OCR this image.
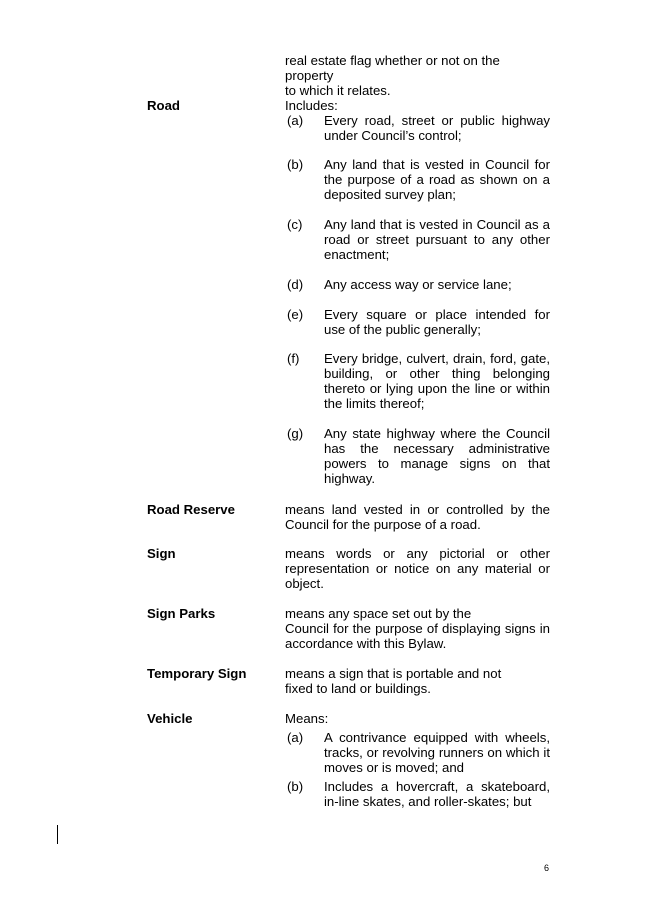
real estate flag whether or not on the property
to which it relates.
Road	Includes:
(a) Every road, street or public highway under Council’s control;
(b) Any land that is vested in Council for the purpose of a road as shown on a deposited survey plan;
(c) Any land that is vested in Council as a road or street pursuant to any other enactment;
(d) Any access way or service lane;
(e) Every square or place intended for use of the public generally;
(f) Every bridge, culvert, drain, ford, gate, building, or other thing belonging thereto or lying upon the line or within the limits thereof;
(g) Any state highway where the Council has the necessary administrative powers to manage signs on that highway.
Road Reserve	means land vested in or controlled by the Council for the purpose of a road.
Sign	means words or any pictorial or other representation or notice on any material or object.
Sign Parks	means any space set out by the
Council for the purpose of displaying signs in accordance with this Bylaw.
Temporary Sign	means a sign that is portable and not
fixed to land or buildings.
Vehicle	Means:
(a) A contrivance equipped with wheels, tracks, or revolving runners on which it moves or is moved; and
(b) Includes a hovercraft, a skateboard, in-line skates, and roller-skates; but
6
